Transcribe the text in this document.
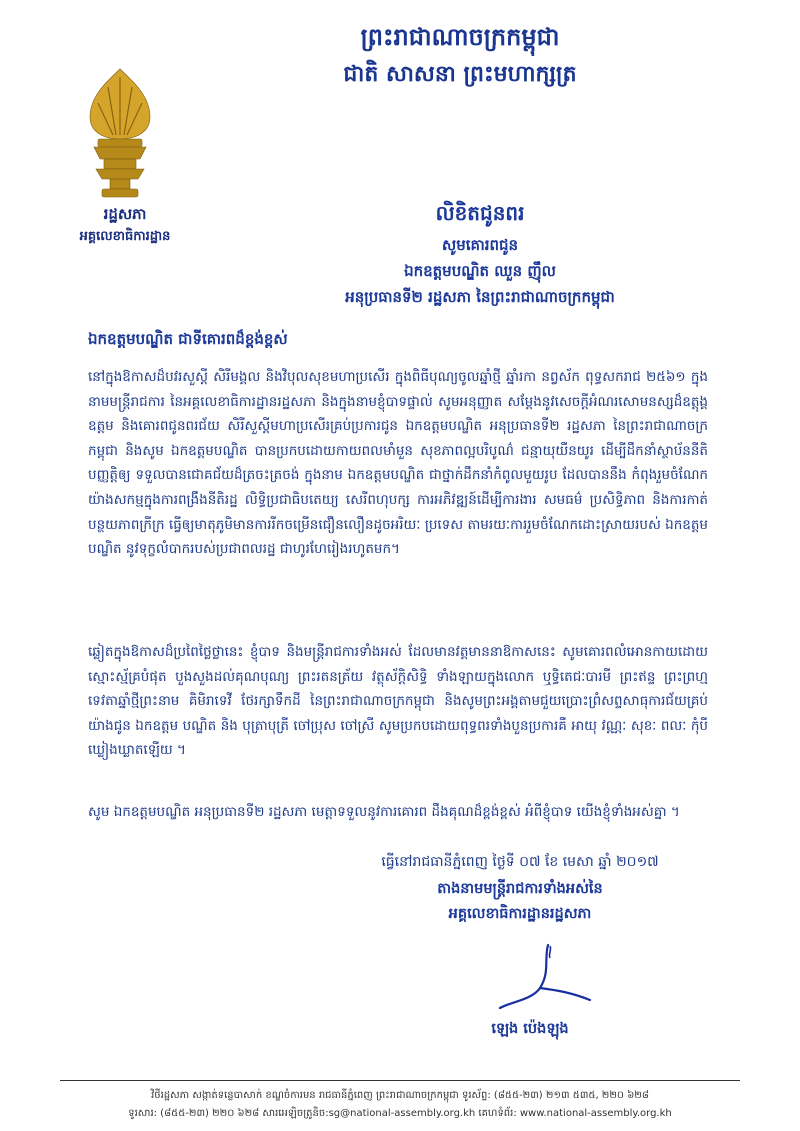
ព្រះរាជាណាចក្រកម្ពុជា
ជាតិ សាសនា ព្រះមហាក្សត្រ
រដ្ឋសភា
អគ្គលេខាធិការដ្ឋាន
លិខិតជូនពរ
សូមគោរពជូន
ឯកឧត្តមបណ្ឌិត ឈួន ញ៉ឹល
អនុប្រធានទី២ រដ្ឋសភា នៃព្រះរាជាណាចក្រកម្ពុជា
ឯកឧត្តមបណ្ឌិត ជាទីគោរពដ៏ខ្ពង់ខ្ពស់
នៅក្នុងឱកាសដ៏បវរសួស្តី សិរីមង្គល និងវិបុលសុខមហាប្រសើរ ក្នុងពិធីបុណ្យចូលឆ្នាំថ្មី ឆ្នាំរកា នព្វស័ក ពុទ្ធសករាជ ២៥៦១ ក្នុងនាមមន្ត្រីរាជការ នៃអគ្គលេខាធិការដ្ឋានរដ្ឋសភា និងក្នុងនាមខ្ញុំបាទផ្ទាល់ សូមអនុញ្ញាត សម្ដែងនូវសេចក្តីអំណរសោមនស្សដ៏ឧត្តុង្គឧត្តម និងគោរពជូនពរជ័យ សិរីសួស្តីមហាប្រសើរគ្រប់ប្រការជូន ឯកឧត្តមបណ្ឌិត អនុប្រធានទី២ រដ្ឋសភា នៃព្រះរាជាណាចក្រកម្ពុជា និងសូម ឯកឧត្តមបណ្ឌិត បានប្រកបដោយកាយពលមាំមួន សុខភាពល្អបរិបូណ៌ ជន្មាយុយឺនយូរ ដើម្បីដឹកនាំស្ថាប័ននីតិបញ្ញត្តិឲ្យ ទទួលបានជោគជ័យដ៏ត្រចះត្រចង់ ក្នុងនាម ឯកឧត្តមបណ្ឌិត ជាថ្នាក់ដឹកនាំកំពូលមួយរូប ដែលបាននឹង កំពុងរួមចំណែកយ៉ាងសកម្មក្នុងការពង្រឹងនីតិរដ្ឋ លិទ្ធិប្រជាធិបតេយ្យ សេរីពហុបក្ស ការអភិវឌ្ឍន៍ដើម្បីការងារ សមធម៌ ប្រសិទ្ធិភាព និងការកាត់បន្ថយភាពក្រីក្រ ធ្វើឲ្យមាតុភូមិមានការរីកចម្រើនជឿនលឿនដូចអរិយៈ ប្រទេស តាមរយៈការរួមចំណែកដោះស្រាយរបស់ ឯកឧត្តមបណ្ឌិត នូវទុក្ខលំបាករបស់ប្រជាពលរដ្ឋ ជាហូរហែរៀងរហូតមក។
ឆ្លៀតក្នុងឱកាសដ៏ប្រពៃថ្លៃថ្លានេះ ខ្ញុំបាទ និងមន្ត្រីរាជការទាំងអស់ ដែលមានវត្តមាននាឱកាសនេះ សូមគោរពលំអោនកាយដោយស្មោះស្ម័គ្របំផុត បួងសួងដល់គុណបុណ្យ ព្រះរតនត្រ័យ វត្ថុស័ក្តិសិទ្ធិ ទាំងឡាយក្នុងលោក ឬទ្ធិតេជៈបារមី ព្រះឥន្ទ ព្រះព្រហ្ម ទេវតាឆ្នាំថ្មីព្រះនាម គិមិរាទេវី ថែរក្សាទឹកដី នៃព្រះរាជាណាចក្រកម្ពុជា និងសូមព្រះអង្គតាមជួយប្រោះព្រំសព្ទសាធុការជ័យគ្រប់យ៉ាងជូន ឯកឧត្តម បណ្ឌិត និង បុត្រាបុត្រី ចៅប្រុស ចៅស្រី សូមប្រកបដោយពុទ្ធពរទាំងបួនប្រការគឺ អាយុ វណ្ណៈ សុខៈ ពលៈ កុំបីឃ្លៀងឃ្លាតឡើយ ។
សូម ឯកឧត្តមបណ្ឌិត អនុប្រធានទី២ រដ្ឋសភា មេត្តាទទួលនូវការគោរព ដឹងគុណដ៏ខ្ពង់ខ្ពស់ អំពីខ្ញុំបាទ យើងខ្ញុំទាំងអស់គ្នា ។
ធ្វើនៅរាជធានីភ្នំពេញ ថ្ងៃទី ០៧ ខែ មេសា ឆ្នាំ ២០១៧
តាងនាមមន្ត្រីរាជការទាំងអស់នៃ
អគ្គលេខាធិការដ្ឋានរដ្ឋសភា
ឡេង ប៉េងឡុង
វិថីរដ្ឋសភា សង្កាត់ទន្លេបាសាក់ ខណ្ឌចំការមន រាជធានីភ្នំពេញ ព្រះរាជាណាចក្រកម្ពុជា ទូរស័ព្ទ: (៨៥៥-២៣) ២១៣ ៥៣៥, ២២០ ៦២៨
ទូរសារ: (៨៥៥-២៣) ២២០ ៦២៨ សារអេឡិចត្រូនិច:sg@national-assembly.org.kh គេហទំព័រ: www.national-assembly.org.kh
